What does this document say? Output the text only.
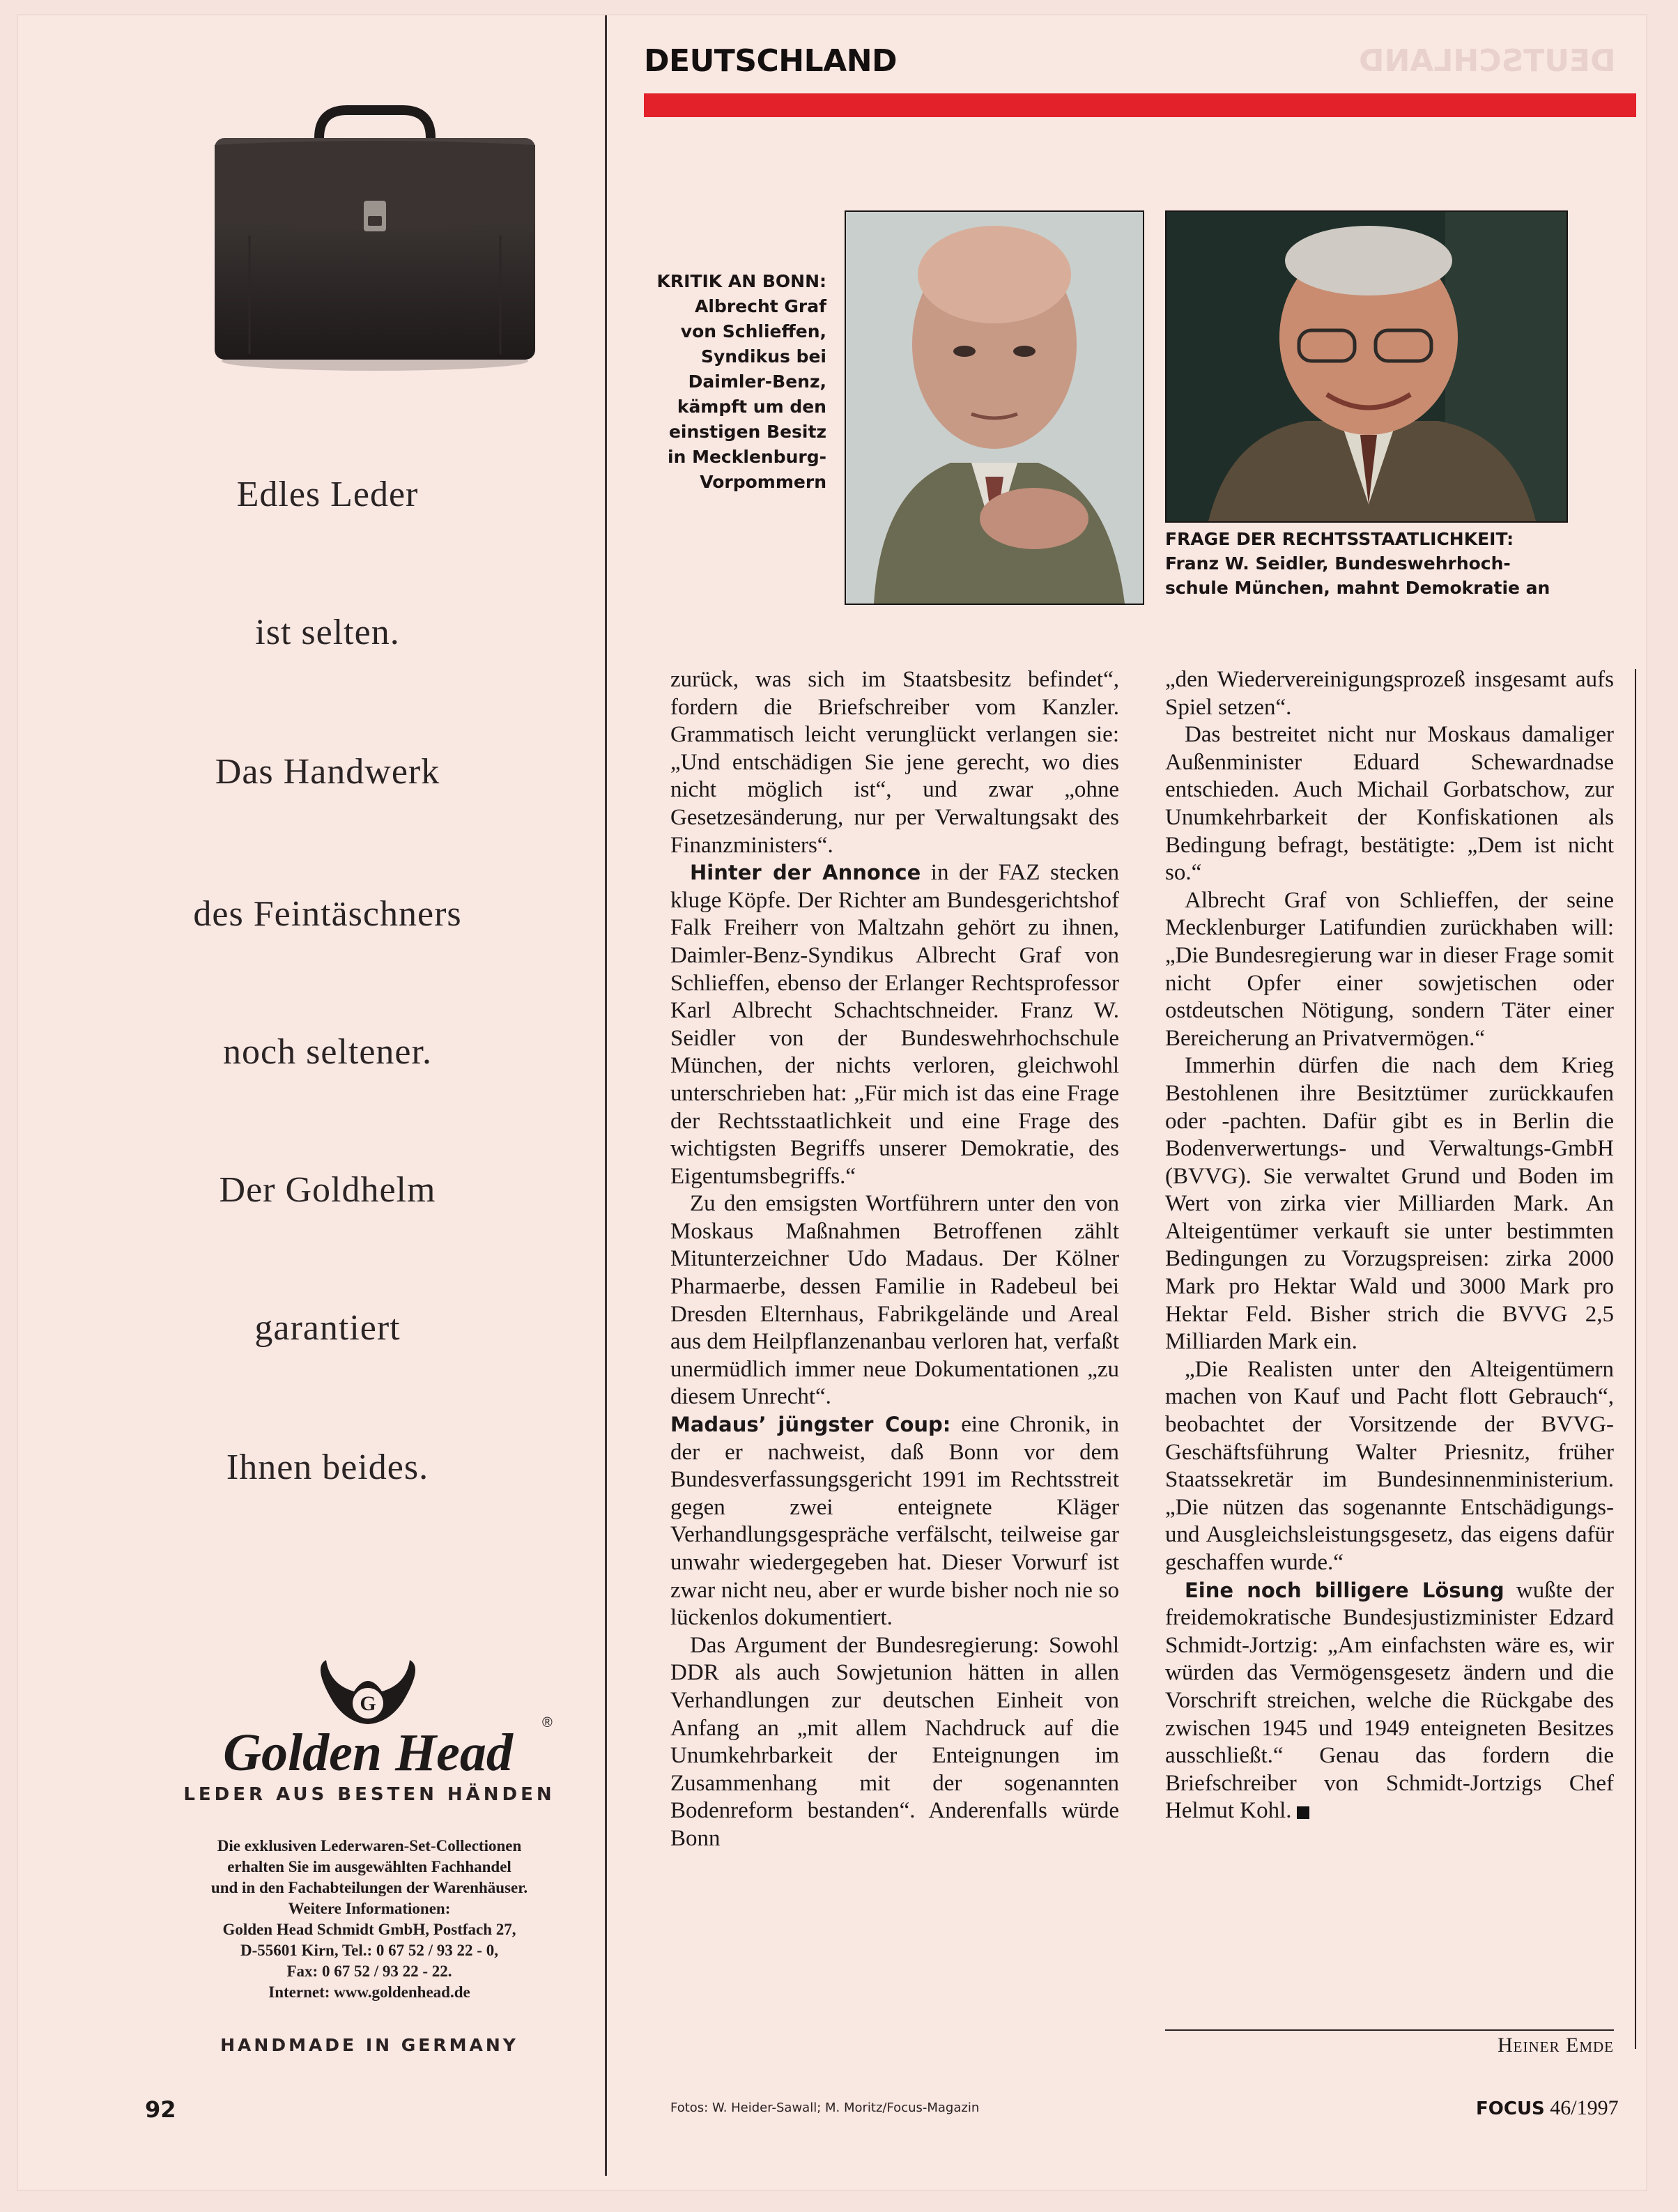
DEUTSCHLAND
Edles Leder
ist selten.
Das Handwerk
des Feintäschners
noch seltener.
Der Goldhelm
garantiert
Ihnen beides.
G
Golden Head
®
LEDER AUS BESTEN HÄNDEN
Die exklusiven Lederwaren-Set-Collectionen
erhalten Sie im ausgewählten Fachhandel
und in den Fachabteilungen der Warenhäuser.
Weitere Informationen:
Golden Head Schmidt GmbH, Postfach 27,
D-55601 Kirn, Tel.: 0 67 52 / 93 22 - 0,
Fax: 0 67 52 / 93 22 - 22.
Internet: www.goldenhead.de
HANDMADE IN GERMANY
92
DEUTSCHLAND
KRITIK AN BONN:
Albrecht Graf
von Schlieffen,
Syndikus bei
Daimler-Benz,
kämpft um den
einstigen Besitz
in Mecklenburg-
Vorpommern
FRAGE DER RECHTSSTAATLICHKEIT:
Franz W. Seidler, Bundeswehrhoch-
schule München, mahnt Demokratie an

zurück, was sich im Staatsbesitz befindet“, fordern die Briefschreiber vom Kanzler. Grammatisch leicht verunglückt verlangen sie: „Und entschädigen Sie jene gerecht, wo dies nicht möglich ist“, und zwar „ohne Gesetzesänderung, nur per Verwaltungsakt des Finanzministers“.

Hinter der Annonce in der FAZ stecken kluge Köpfe. Der Richter am Bundesgerichtshof Falk Freiherr von Maltzahn gehört zu ihnen, Daimler-Benz-Syndikus Albrecht Graf von Schlieffen, ebenso der Erlanger Rechtsprofessor Karl Albrecht Schachtschneider. Franz W. Seidler von der Bundeswehrhochschule München, der nichts verloren, gleichwohl unterschrieben hat: „Für mich ist das eine Frage der Rechtsstaatlichkeit und eine Frage des wichtigsten Begriffs unserer Demokratie, des Eigentumsbegriffs.“

Zu den emsigsten Wortführern unter den von Moskaus Maßnahmen Betroffenen zählt Mitunterzeichner Udo Madaus. Der Kölner Pharmaerbe, dessen Familie in Radebeul bei Dresden Elternhaus, Fabrikgelände und Areal aus dem Heilpflanzenanbau verloren hat, verfaßt unermüdlich immer neue Dokumentationen „zu diesem Unrecht“.

Madaus’ jüngster Coup: eine Chronik, in der er nachweist, daß Bonn vor dem Bundesverfassungsgericht 1991 im Rechtsstreit gegen zwei enteignete Kläger Verhandlungsgespräche verfälscht, teilweise gar unwahr wiedergegeben hat. Dieser Vorwurf ist zwar nicht neu, aber er wurde bisher noch nie so lückenlos dokumentiert.

Das Argument der Bundesregierung: Sowohl DDR als auch Sowjetunion hätten in allen Verhandlungen zur deutschen Einheit von Anfang an „mit allem Nachdruck auf die Unumkehrbarkeit der Enteignungen im Zusammenhang mit der sogenannten Bodenreform bestanden“. Anderenfalls würde Bonn

„den Wiedervereinigungsprozeß insgesamt aufs Spiel setzen“.

Das bestreitet nicht nur Moskaus damaliger Außenminister Eduard Schewardnadse entschieden. Auch Michail Gorbatschow, zur Unumkehrbarkeit der Konfiskationen als Bedingung befragt, bestätigte: „Dem ist nicht so.“

Albrecht Graf von Schlieffen, der seine Mecklenburger Latifundien zurückhaben will: „Die Bundesregierung war in dieser Frage somit nicht Opfer einer sowjetischen oder ostdeutschen Nötigung, sondern Täter einer Bereicherung an Privatvermögen.“

Immerhin dürfen die nach dem Krieg Bestohlenen ihre Besitztümer zurückkaufen oder -pachten. Dafür gibt es in Berlin die Bodenverwertungs- und Verwaltungs-GmbH (BVVG). Sie verwaltet Grund und Boden im Wert von zirka vier Milliarden Mark. An Alteigentümer verkauft sie unter bestimmten Bedingungen zu Vorzugspreisen: zirka 2000 Mark pro Hektar Wald und 3000 Mark pro Hektar Feld. Bisher strich die BVVG 2,5 Milliarden Mark ein.

„Die Realisten unter den Alteigentümern machen von Kauf und Pacht flott Gebrauch“, beobachtet der Vorsitzende der BVVG-Geschäftsführung Walter Priesnitz, früher Staatssekretär im Bundesinnenministerium. „Die nützen das sogenannte Entschädigungs- und Ausgleichsleistungsgesetz, das eigens dafür geschaffen wurde.“

Eine noch billigere Lösung wußte der freidemokratische Bundesjustizminister Edzard Schmidt-Jortzig: „Am einfachsten wäre es, wir würden das Vermögensgesetz ändern und die Vorschrift streichen, welche die Rückgabe des zwischen 1945 und 1949 enteigneten Besitzes ausschließt.“ Genau das fordern die Briefschreiber von Schmidt-Jortzigs Chef Helmut Kohl.

Heiner Emde
Fotos: W. Heider-Sawall; M. Moritz/Focus-Magazin	FOCUS 46/1997
